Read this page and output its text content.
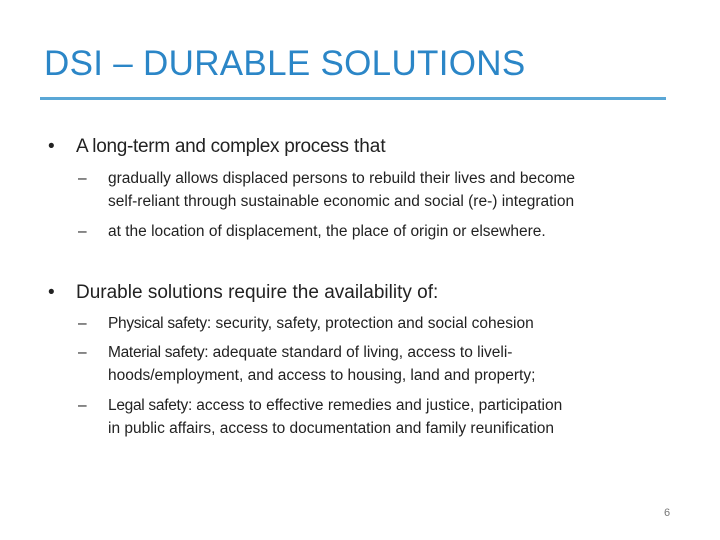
DSI – DURABLE SOLUTIONS
• A long-term and complex process that
– gradually allows displaced persons to rebuild their lives and become
self-reliant through sustainable economic and social (re-) integration
– at the location of displacement, the place of origin or elsewhere.
• Durable solutions require the availability of:
– Physical safety: security, safety, protection and social cohesion
– Material safety: adequate standard of living, access to liveli-
hoods/employment, and access to housing, land and property;
– Legal safety: access to effective remedies and justice, participation
in public affairs, access to documentation and family reunification
6
